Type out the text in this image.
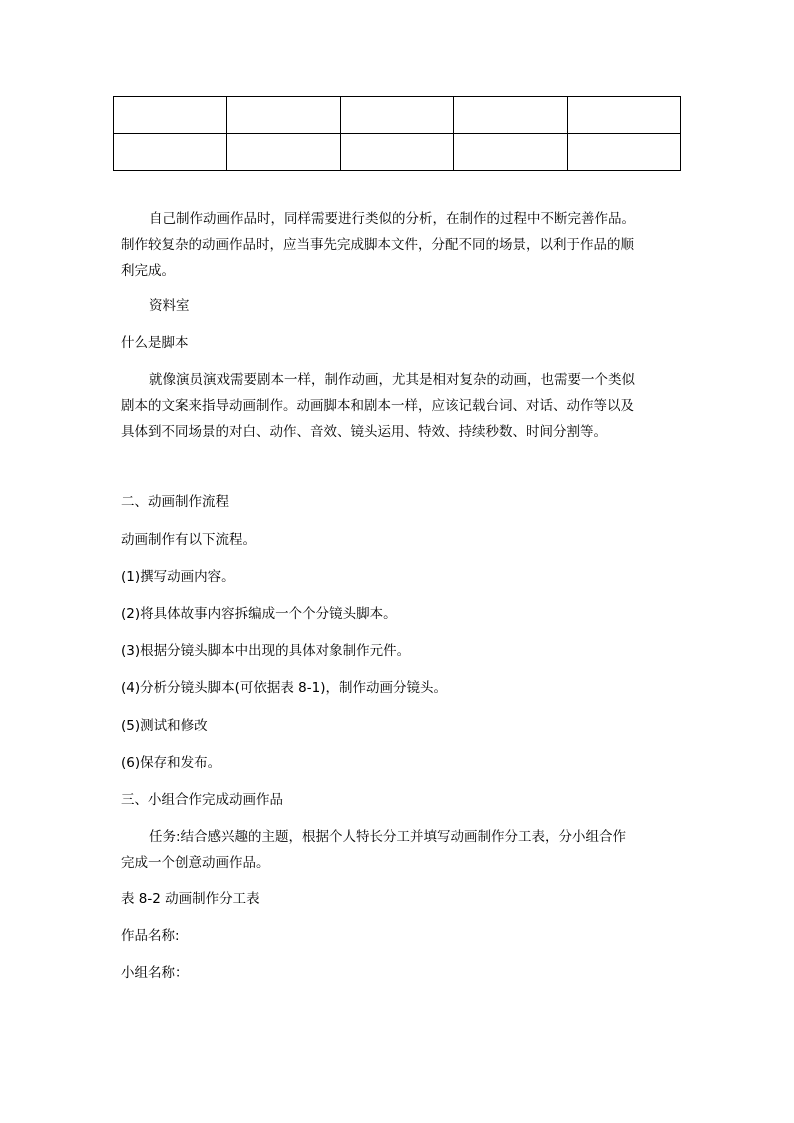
自己制作动画作品时，同样需要进行类似的分析，在制作的过程中不断完善作品。
制作较复杂的动画作品时，应当事先完成脚本文件，分配不同的场景，以利于作品的顺
利完成。

资料室

什么是脚本

就像演员演戏需要剧本一样，制作动画，尤其是相对复杂的动画，也需要一个类似
剧本的文案来指导动画制作。动画脚本和剧本一样，应该记载台词、对话、动作等以及
具体到不同场景的对白、动作、音效、镜头运用、特效、持续秒数、时间分割等。

二、动画制作流程

动画制作有以下流程。

(1)撰写动画内容。

(2)将具体故事内容拆编成一个个分镜头脚本。

(3)根据分镜头脚本中出现的具体对象制作元件。

(4)分析分镜头脚本(可依据表 8-1)，制作动画分镜头。

(5)测试和修改

(6)保存和发布。

三、小组合作完成动画作品

任务:结合感兴趣的主题，根据个人特长分工并填写动画制作分工表，分小组合作
完成一个创意动画作品。

表 8-2 动画制作分工表

作品名称:

小组名称：
